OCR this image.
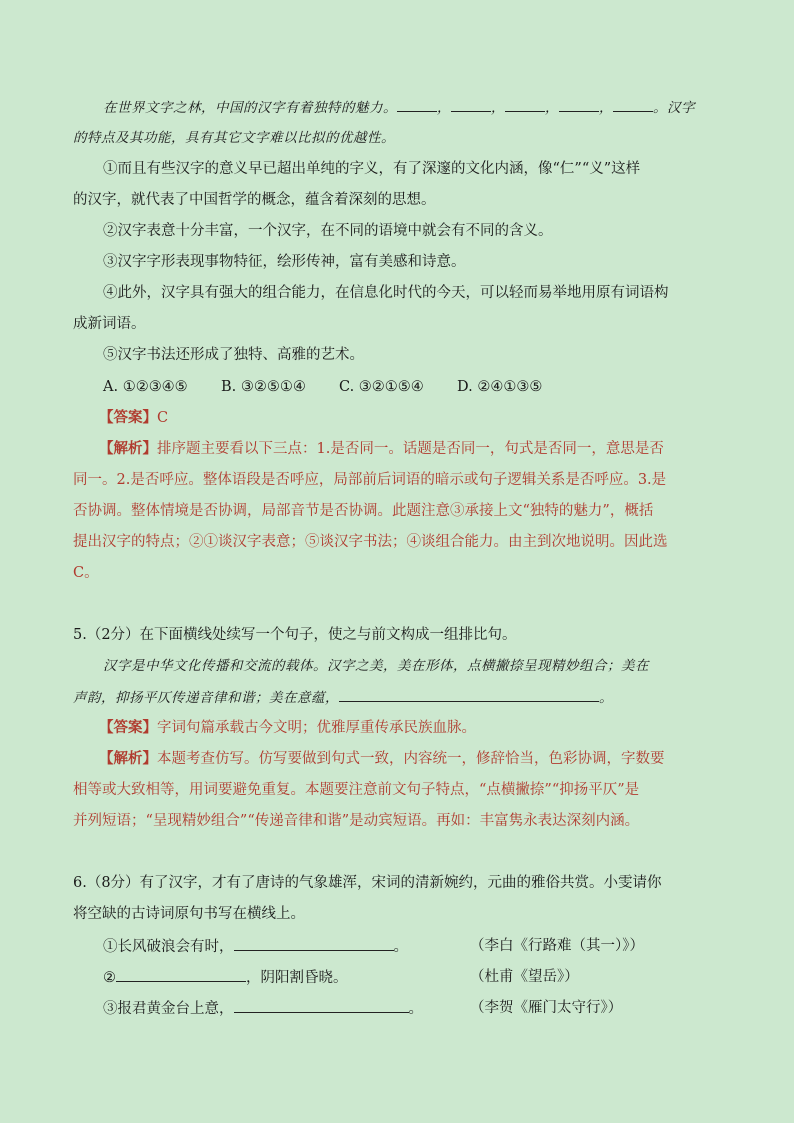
在世界文字之林，中国的汉字有着独特的魅力。	，	，	，	，	。汉字
的特点及其功能，具有其它文字难以比拟的优越性。
①而且有些汉字的意义早已超出单纯的字义，有了深邃的文化内涵，像“仁”“义”这样
的汉字，就代表了中国哲学的概念，蕴含着深刻的思想。
②汉字表意十分丰富，一个汉字，在不同的语境中就会有不同的含义。
③汉字字形表现事物特征，绘形传神，富有美感和诗意。
④此外，汉字具有强大的组合能力，在信息化时代的今天，可以轻而易举地用原有词语构
成新词语。
⑤汉字书法还形成了独特、高雅的艺术。
A. ①②③④⑤ B. ③②⑤①④ C. ③②①⑤④ D. ②④①③⑤
【答案】C
【解析】排序题主要看以下三点：1.是否同一。话题是否同一，句式是否同一，意思是否
同一。2.是否呼应。整体语段是否呼应，局部前后词语的暗示或句子逻辑关系是否呼应。3.是
否协调。整体情境是否协调，局部音节是否协调。此题注意③承接上文“独特的魅力”，概括
提出汉字的特点；②①谈汉字表意；⑤谈汉字书法；④谈组合能力。由主到次地说明。因此选
C。
5.（2分）在下面横线处续写一个句子，使之与前文构成一组排比句。
汉字是中华文化传播和交流的载体。汉字之美，美在形体，点横撇捺呈现精妙组合；美在
声韵，抑扬平仄传递音律和谐；美在意蕴，	。
【答案】字词句篇承载古今文明；优雅厚重传承民族血脉。
【解析】本题考查仿写。仿写要做到句式一致，内容统一，修辞恰当，色彩协调，字数要
相等或大致相等，用词要避免重复。本题要注意前文句子特点，“点横撇捺”“抑扬平仄”是
并列短语；“呈现精妙组合”“传递音律和谐”是动宾短语。再如：丰富隽永表达深刻内涵。
6.（8分）有了汉字，才有了唐诗的气象雄浑，宋词的清新婉约，元曲的雅俗共赏。小雯请你
将空缺的古诗词原句书写在横线上。
①长风破浪会有时，	。	（李白《行路难（其一）》）
②	，阴阳割昏晓。	（杜甫《望岳》）
③报君黄金台上意，	。	（李贺《雁门太守行》）
